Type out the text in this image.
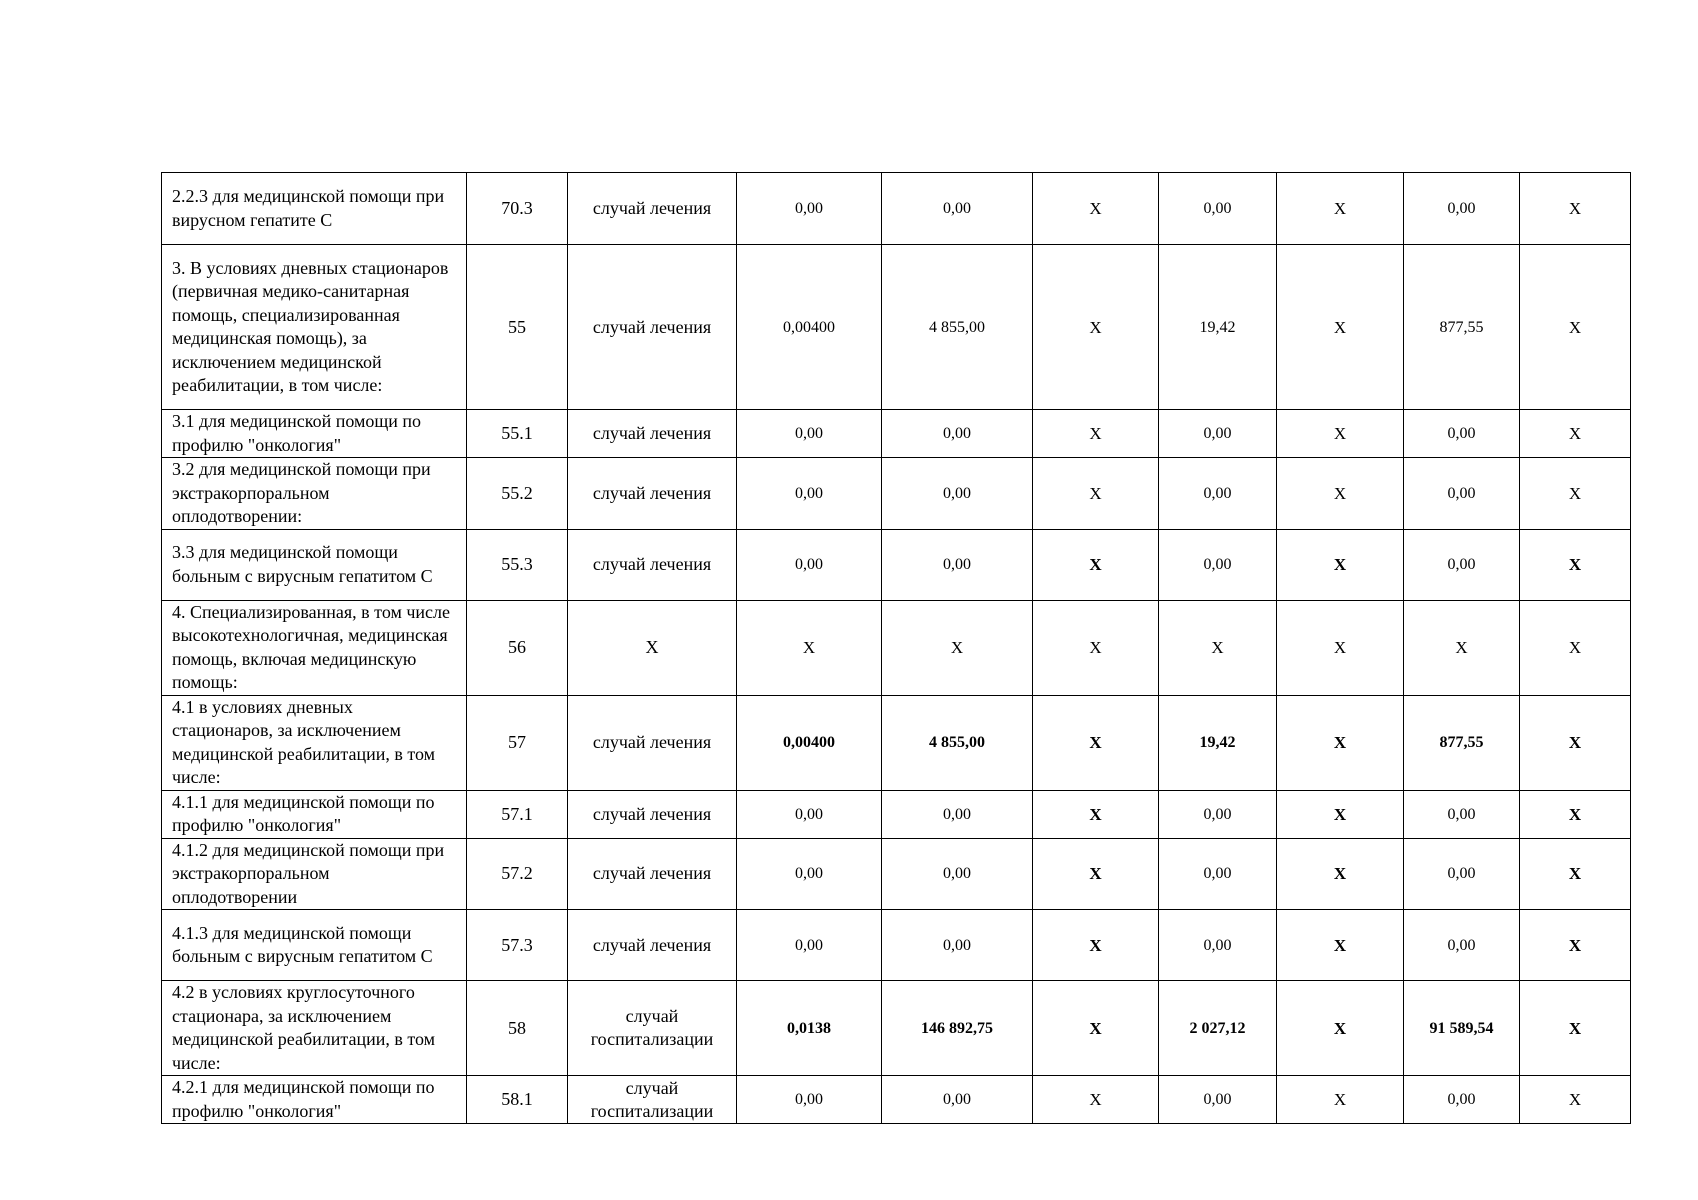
2.2.3 для медицинской помощи при вирусном гепатите С	70.3	случай лечения	0,00	0,00	X	0,00	X	0,00	X
3. В условиях дневных стационаров (первичная медико-санитарная помощь, специализированная медицинская помощь), за исключением медицинской реабилитации, в том числе:	55	случай лечения	0,00400	4 855,00	X	19,42	X	877,55	X
3.1 для медицинской помощи по профилю "онкология"	55.1	случай лечения	0,00	0,00	X	0,00	X	0,00	X
3.2 для медицинской помощи при экстракорпоральном оплодотворении:	55.2	случай лечения	0,00	0,00	X	0,00	X	0,00	X
3.3 для медицинской помощи больным с вирусным гепатитом С	55.3	случай лечения	0,00	0,00	X	0,00	X	0,00	X
4. Специализированная, в том числе высокотехнологичная, медицинская помощь, включая медицинскую помощь:	56	X	X	X	X	X	X	X	X
4.1 в условиях дневных стационаров, за исключением медицинской реабилитации, в том числе:	57	случай лечения	0,00400	4 855,00	X	19,42	X	877,55	X
4.1.1 для медицинской помощи по профилю "онкология"	57.1	случай лечения	0,00	0,00	X	0,00	X	0,00	X
4.1.2 для медицинской помощи при экстракорпоральном оплодотворении	57.2	случай лечения	0,00	0,00	X	0,00	X	0,00	X
4.1.3 для медицинской помощи больным с вирусным гепатитом С	57.3	случай лечения	0,00	0,00	X	0,00	X	0,00	X
4.2 в условиях круглосуточного стационара, за исключением медицинской реабилитации, в том числе:	58	случай госпитализации	0,0138	146 892,75	X	2 027,12	X	91 589,54	X
4.2.1 для медицинской помощи по профилю "онкология"	58.1	случай госпитализации	0,00	0,00	X	0,00	X	0,00	X
